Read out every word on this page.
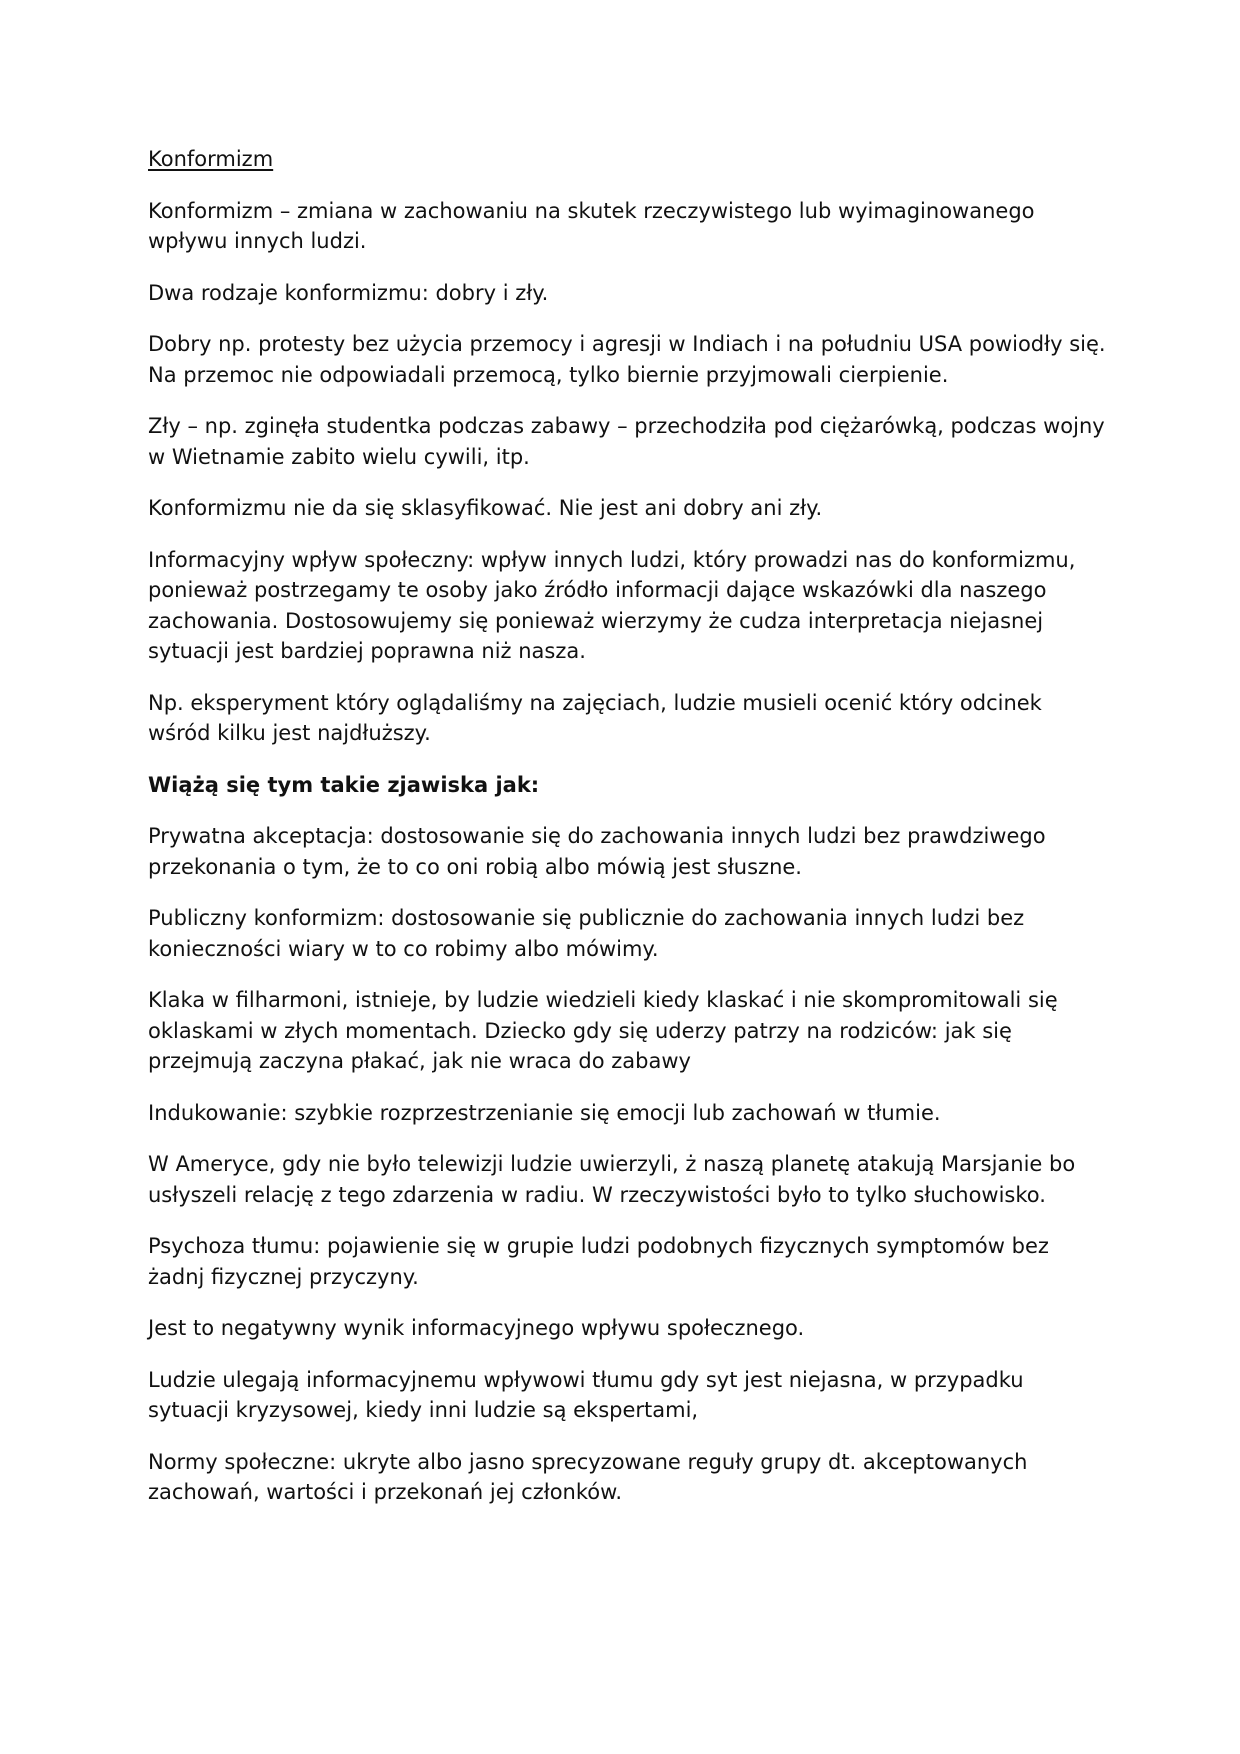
Konformizm

Konformizm – zmiana w zachowaniu na skutek rzeczywistego lub wyimaginowanego wpływu innych ludzi.

Dwa rodzaje konformizmu: dobry i zły.

Dobry np. protesty bez użycia przemocy i agresji w Indiach i na południu USA powiodły się. Na przemoc nie odpowiadali przemocą, tylko biernie przyjmowali cierpienie.

Zły – np. zginęła studentka podczas zabawy – przechodziła pod ciężarówką, podczas wojny w Wietnamie zabito wielu cywili, itp.

Konformizmu nie da się sklasyfikować. Nie jest ani dobry ani zły.

Informacyjny wpływ społeczny: wpływ innych ludzi, który prowadzi nas do konformizmu, ponieważ postrzegamy te osoby jako źródło informacji dające wskazówki dla naszego zachowania. Dostosowujemy się ponieważ wierzymy że cudza interpretacja niejasnej sytuacji jest bardziej poprawna niż nasza.

Np. eksperyment który oglądaliśmy na zajęciach, ludzie musieli ocenić który odcinek wśród kilku jest najdłuższy.

Wiążą się tym takie zjawiska jak:

Prywatna akceptacja: dostosowanie się do zachowania innych ludzi bez prawdziwego przekonania o tym, że to co oni robią albo mówią jest słuszne.

Publiczny konformizm: dostosowanie się publicznie do zachowania innych ludzi bez konieczności wiary w to co robimy albo mówimy.

Klaka w filharmoni, istnieje, by ludzie wiedzieli kiedy klaskać i nie skompromitowali się oklaskami w złych momentach. Dziecko gdy się uderzy patrzy na rodziców: jak się przejmują zaczyna płakać, jak nie wraca do zabawy

Indukowanie: szybkie rozprzestrzenianie się emocji lub zachowań w tłumie.

W Ameryce, gdy nie było telewizji ludzie uwierzyli, ż naszą planetę atakują Marsjanie bo usłyszeli relację z tego zdarzenia w radiu. W rzeczywistości było to tylko słuchowisko.

Psychoza tłumu: pojawienie się w grupie ludzi podobnych fizycznych symptomów bez żadnj fizycznej przyczyny.

Jest to negatywny wynik informacyjnego wpływu społecznego.

Ludzie ulegają informacyjnemu wpływowi tłumu gdy syt jest niejasna, w przypadku sytuacji kryzysowej, kiedy inni ludzie są ekspertami,

Normy społeczne: ukryte albo jasno sprecyzowane reguły grupy dt. akceptowanych zachowań, wartości i przekonań jej członków.
